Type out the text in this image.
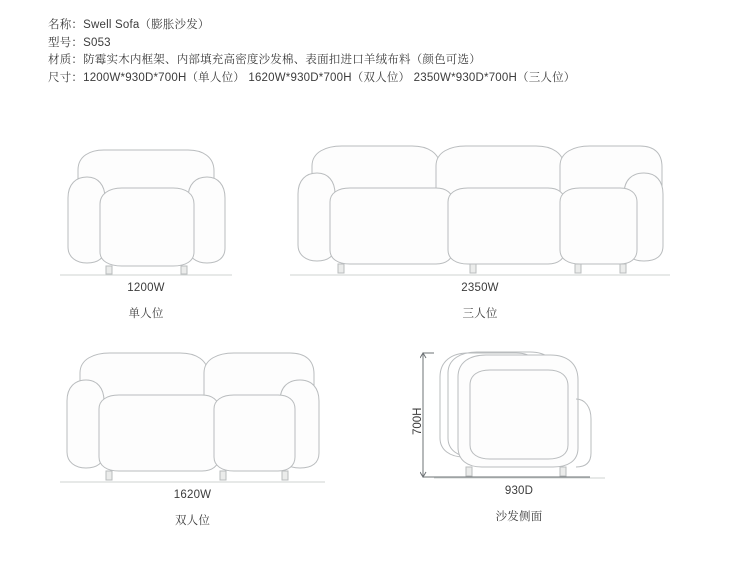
名称：Swell Sofa（膨胀沙发）
型号：S053
材质：防霉实木内框架、内部填充高密度沙发棉、表面扣进口羊绒布料（颜色可选）
尺寸：1200W*930D*700H（单人位） 1620W*930D*700H（双人位） 2350W*930D*700H（三人位）
1200W
单人位
2350W
三人位
1620W
双人位
700H
930D
沙发侧面
